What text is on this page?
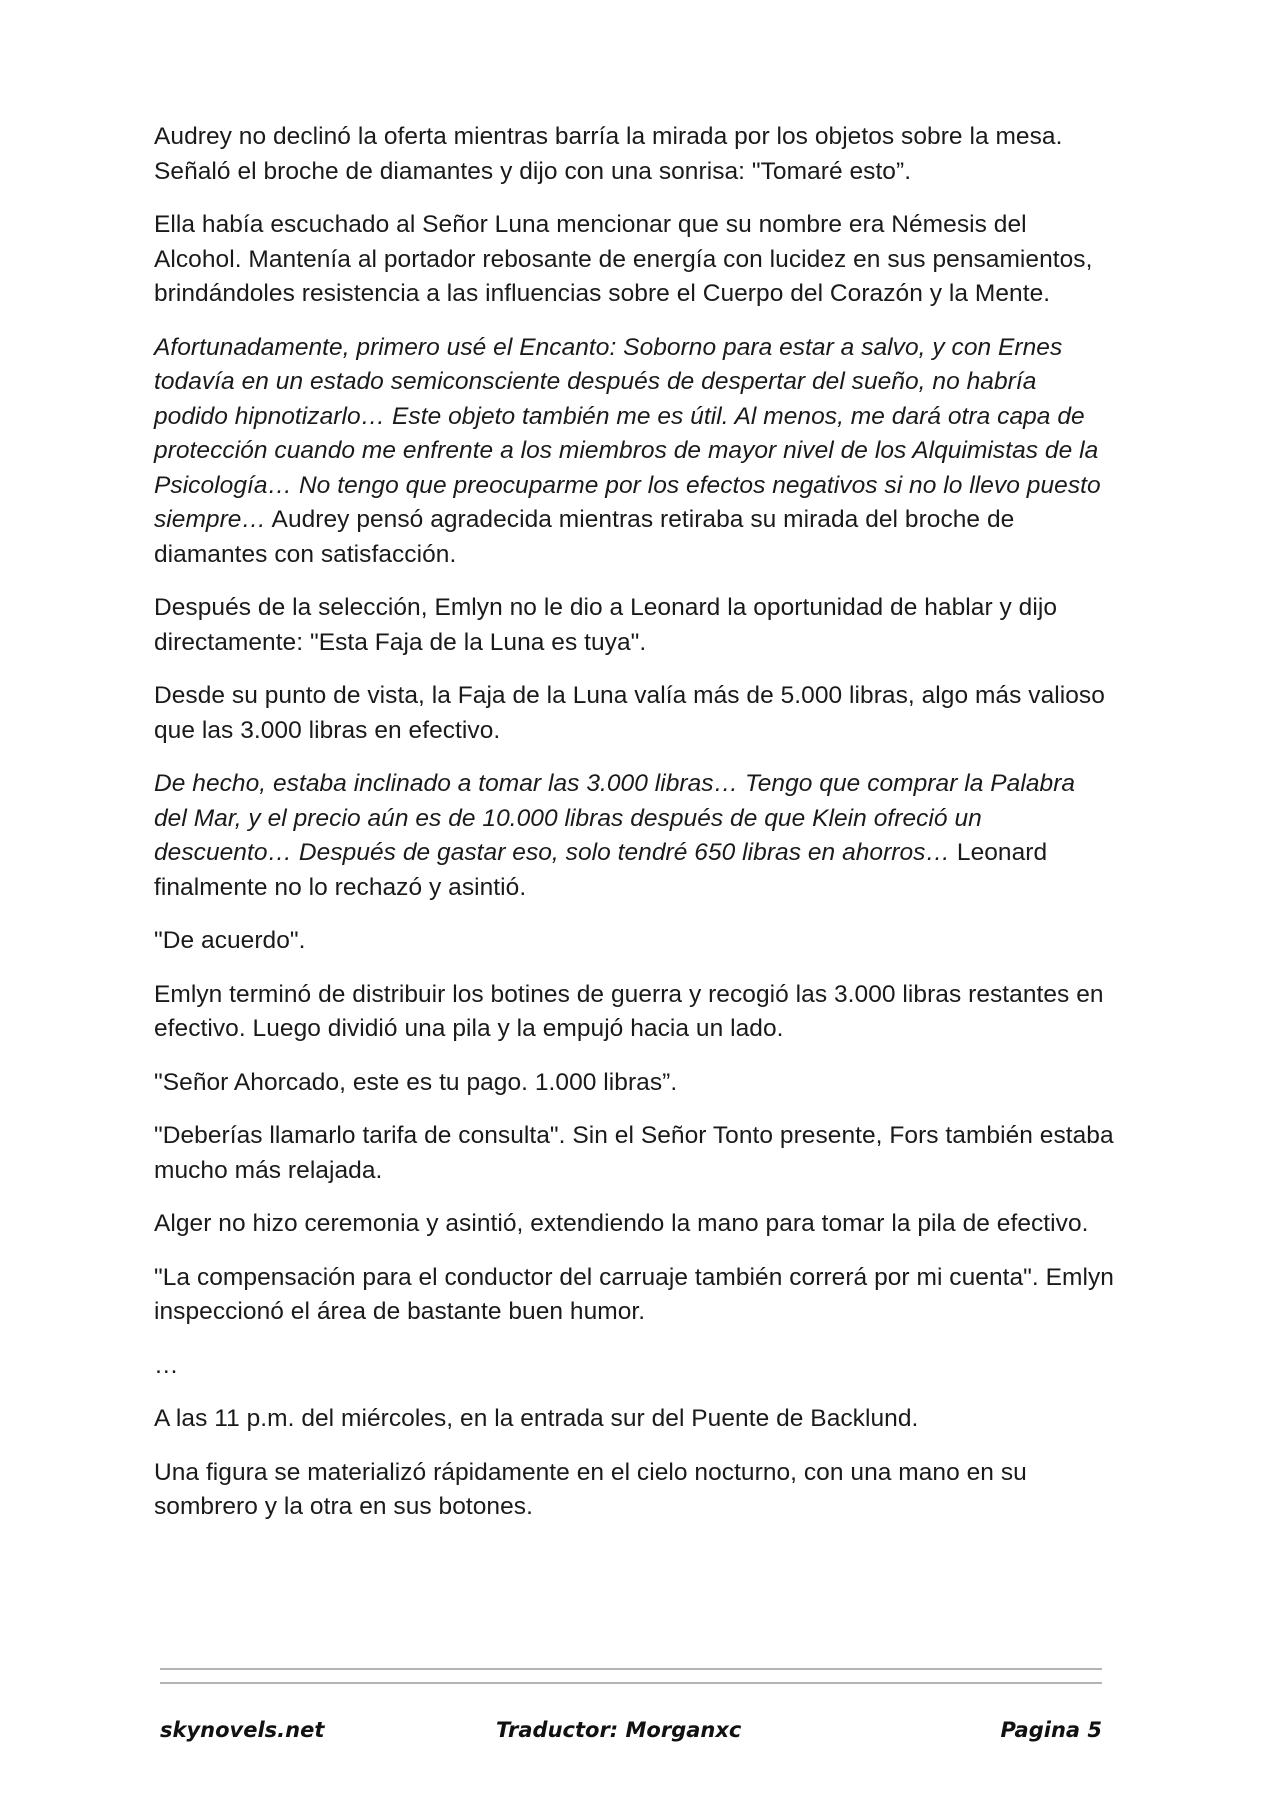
Audrey no declinó la oferta mientras barría la mirada por los objetos sobre la mesa. Señaló el broche de diamantes y dijo con una sonrisa: "Tomaré esto”.

Ella había escuchado al Señor Luna mencionar que su nombre era Némesis del Alcohol. Mantenía al portador rebosante de energía con lucidez en sus pensamientos, brindándoles resistencia a las influencias sobre el Cuerpo del Corazón y la Mente.

Afortunadamente, primero usé el Encanto: Soborno para estar a salvo, y con Ernes todavía en un estado semiconsciente después de despertar del sueño, no habría podido hipnotizarlo… Este objeto también me es útil. Al menos, me dará otra capa de protección cuando me enfrente a los miembros de mayor nivel de los Alquimistas de la Psicología… No tengo que preocuparme por los efectos negativos si no lo llevo puesto siempre… Audrey pensó agradecida mientras retiraba su mirada del broche de diamantes con satisfacción.

Después de la selección, Emlyn no le dio a Leonard la oportunidad de hablar y dijo directamente: "Esta Faja de la Luna es tuya".

Desde su punto de vista, la Faja de la Luna valía más de 5.000 libras, algo más valioso que las 3.000 libras en efectivo.

De hecho, estaba inclinado a tomar las 3.000 libras… Tengo que comprar la Palabra del Mar, y el precio aún es de 10.000 libras después de que Klein ofreció un descuento… Después de gastar eso, solo tendré 650 libras en ahorros… Leonard finalmente no lo rechazó y asintió.

"De acuerdo".

Emlyn terminó de distribuir los botines de guerra y recogió las 3.000 libras restantes en efectivo. Luego dividió una pila y la empujó hacia un lado.

"Señor Ahorcado, este es tu pago. 1.000 libras”.

"Deberías llamarlo tarifa de consulta". Sin el Señor Tonto presente, Fors también estaba mucho más relajada.

Alger no hizo ceremonia y asintió, extendiendo la mano para tomar la pila de efectivo.

"La compensación para el conductor del carruaje también correrá por mi cuenta". Emlyn inspeccionó el área de bastante buen humor.

…

A las 11 p.m. del miércoles, en la entrada sur del Puente de Backlund.

Una figura se materializó rápidamente en el cielo nocturno, con una mano en su sombrero y la otra en sus botones.

skynovels.net	Traductor: Morganxc	Pagina 5
